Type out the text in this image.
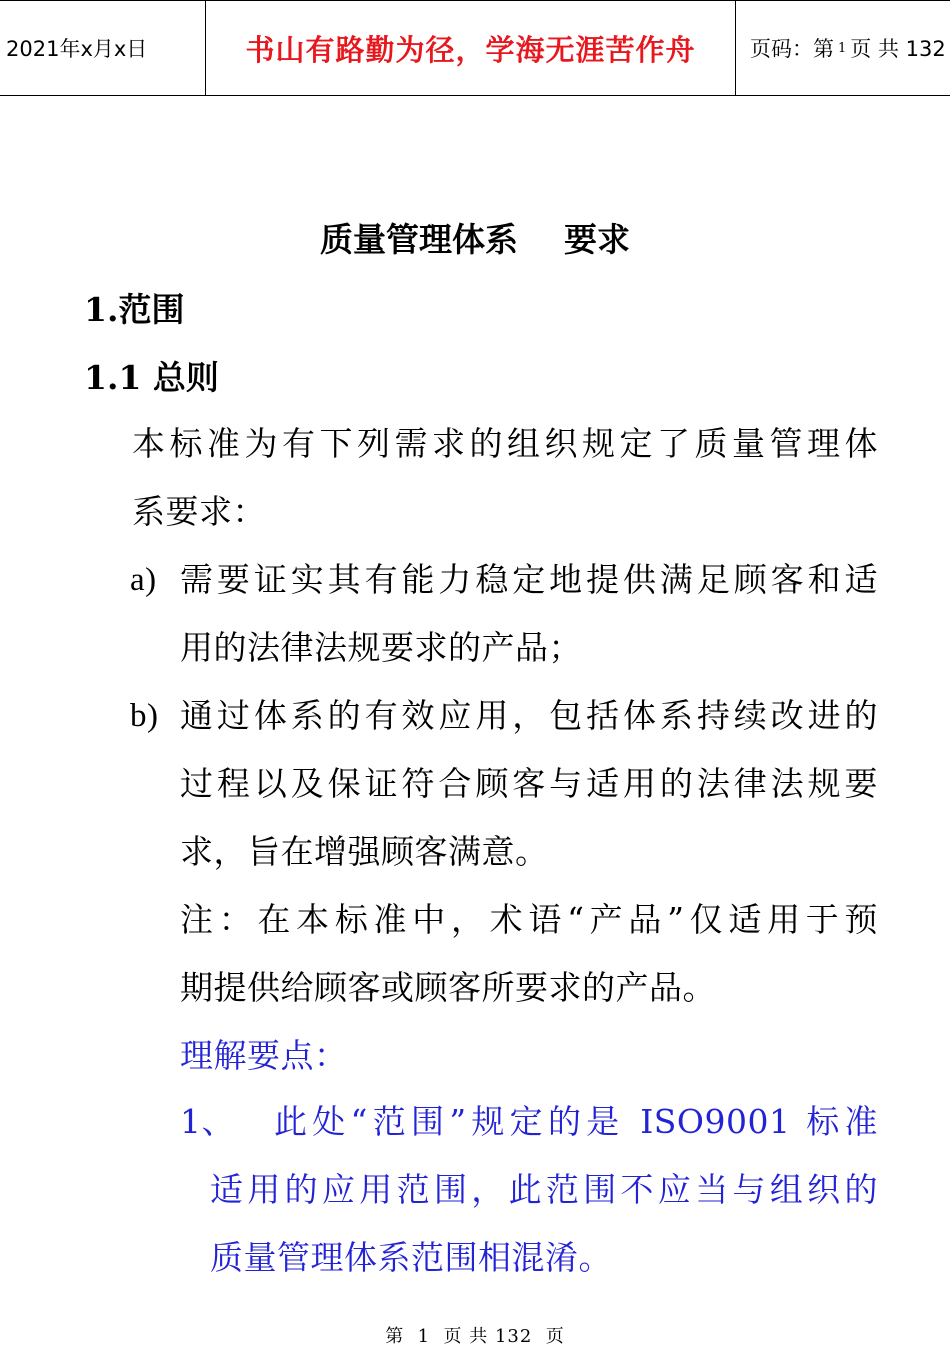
2021年x月x日	书山有路勤为径，学海无涯苦作舟	页码：第 1 页 共 132
质量管理体系    要求
1.范围
1.1 总则
本标准为有下列需求的组织规定了质量管理体
系要求：
a) 需要证实其有能力稳定地提供满足顾客和适
用的法律法规要求的产品；
b) 通过体系的有效应用，包括体系持续改进的
过程以及保证符合顾客与适用的法律法规要
求，旨在增强顾客满意。
注：在本标准中，术语“产品”仅适用于预
期提供给顾客或顾客所要求的产品。
理解要点：
1、 此处“范围”规定的是 ISO9001 标准
适用的应用范围，此范围不应当与组织的
质量管理体系范围相混淆。
第  1  页 共 132  页
